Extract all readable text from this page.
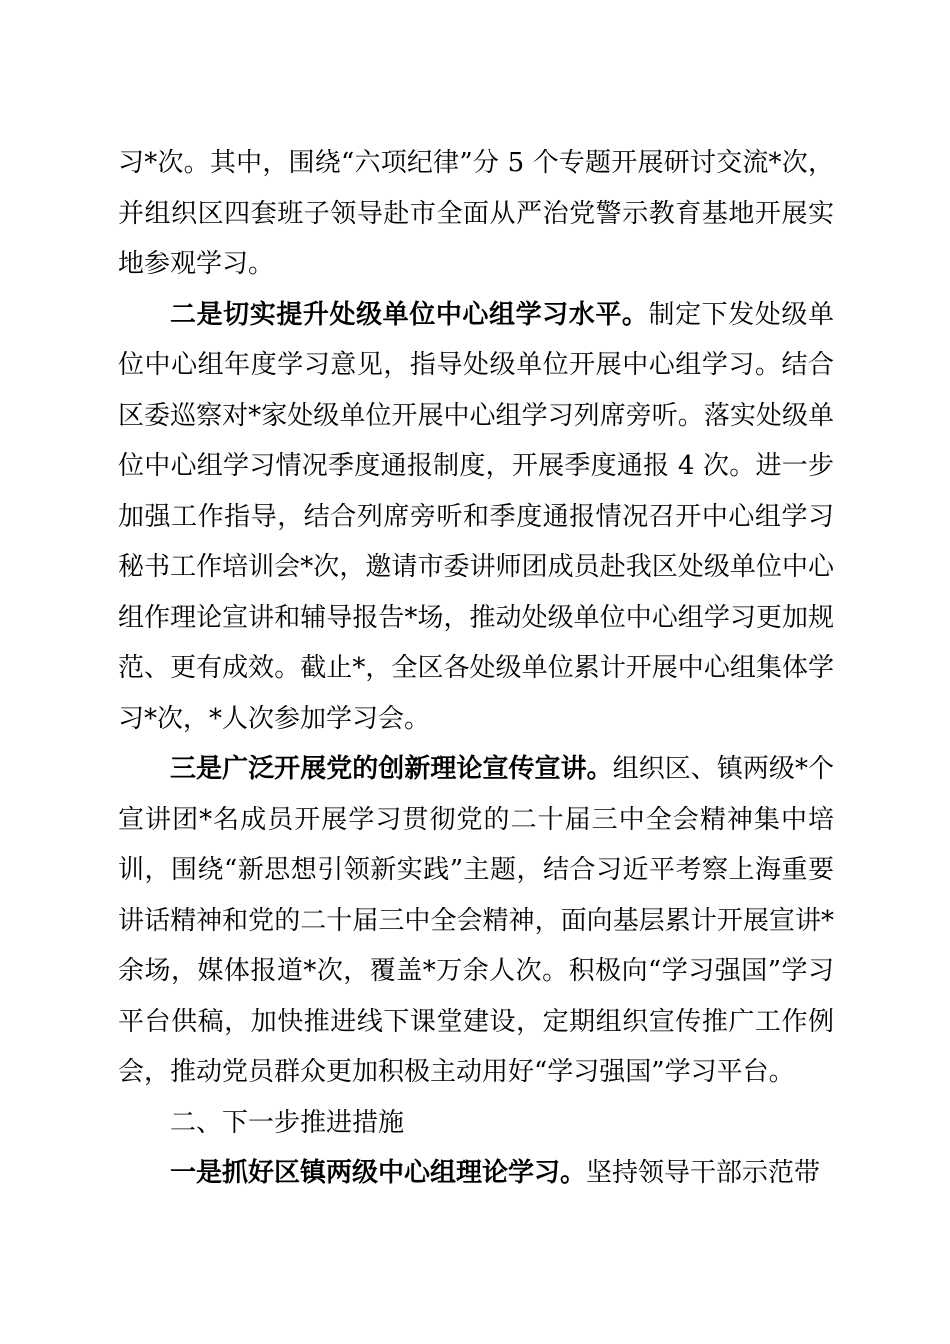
习*次。其中，围绕“六项纪律”分 5 个专题开展研讨交流*次，并组织区四套班子领导赴市全面从严治党警示教育基地开展实地参观学习。

二是切实提升处级单位中心组学习水平。制定下发处级单位中心组年度学习意见，指导处级单位开展中心组学习。结合区委巡察对*家处级单位开展中心组学习列席旁听。落实处级单位中心组学习情况季度通报制度，开展季度通报 4 次。进一步加强工作指导，结合列席旁听和季度通报情况召开中心组学习秘书工作培训会*次，邀请市委讲师团成员赴我区处级单位中心组作理论宣讲和辅导报告*场，推动处级单位中心组学习更加规范、更有成效。截止*，全区各处级单位累计开展中心组集体学习*次，*人次参加学习会。

三是广泛开展党的创新理论宣传宣讲。组织区、镇两级*个宣讲团*名成员开展学习贯彻党的二十届三中全会精神集中培训，围绕“新思想引领新实践”主题，结合习近平考察上海重要讲话精神和党的二十届三中全会精神，面向基层累计开展宣讲*余场，媒体报道*次，覆盖*万余人次。积极向“学习强国”学习平台供稿，加快推进线下课堂建设，定期组织宣传推广工作例会，推动党员群众更加积极主动用好“学习强国”学习平台。

二、下一步推进措施

一是抓好区镇两级中心组理论学习。坚持领导干部示范带
